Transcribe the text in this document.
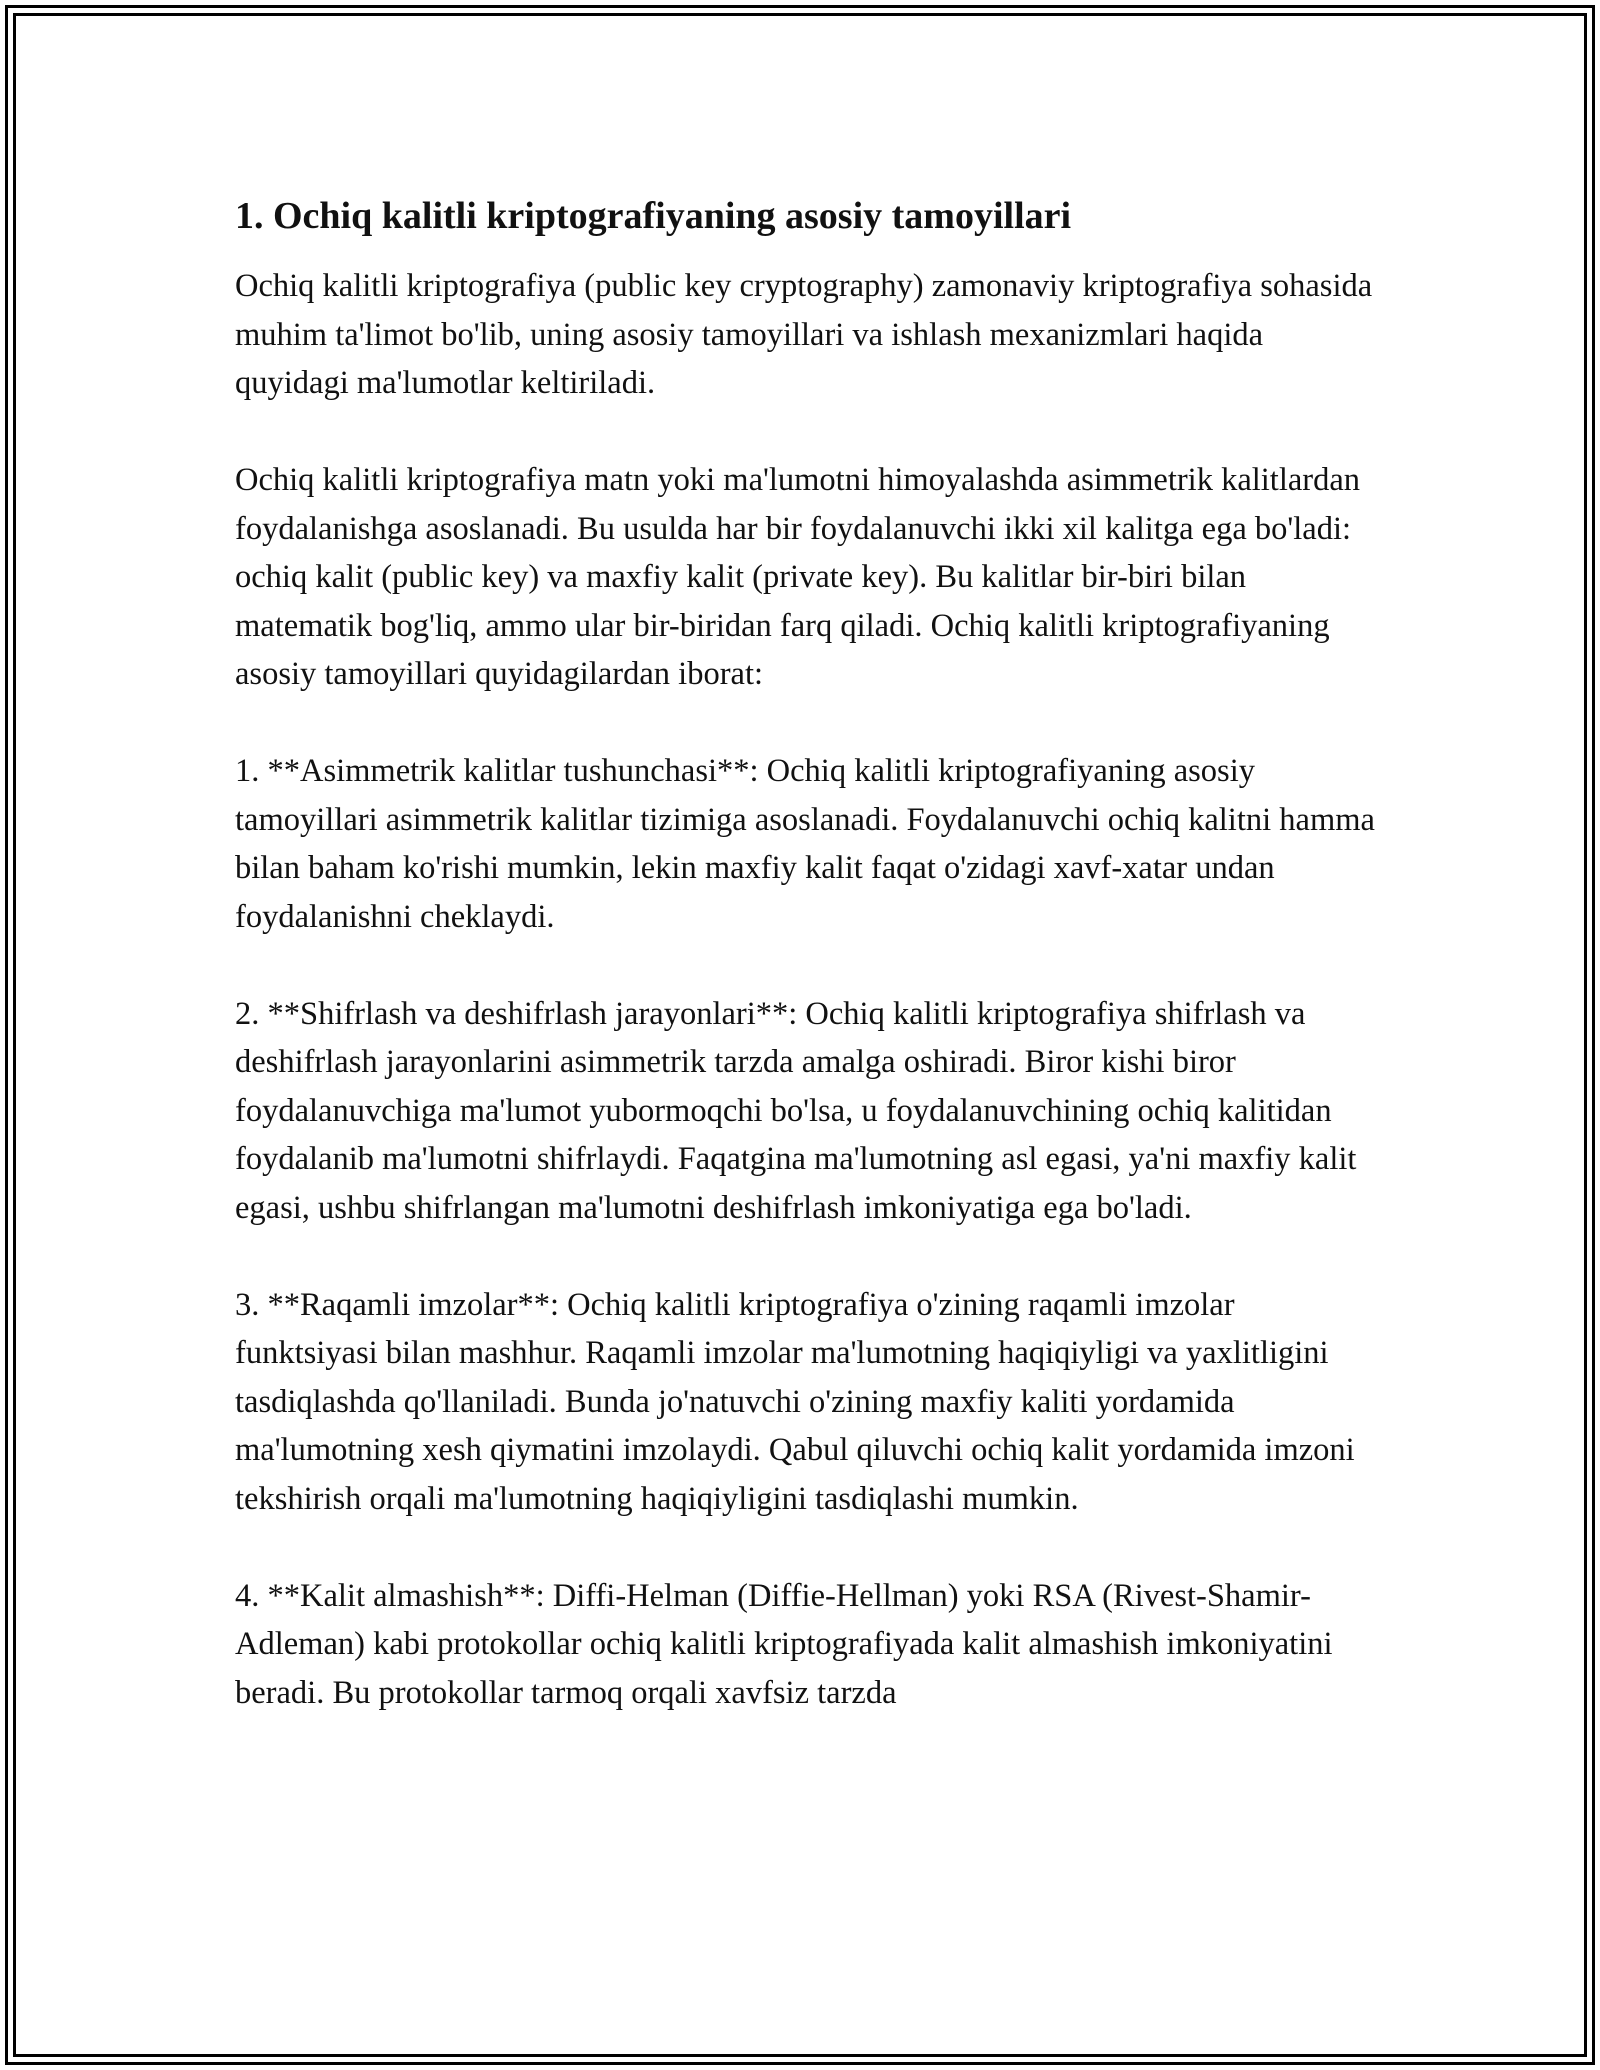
1. Ochiq kalitli kriptografiyaning asosiy tamoyillari

Ochiq kalitli kriptografiya (public key cryptography) zamonaviy kriptografiya sohasida muhim ta'limot bo'lib, uning asosiy tamoyillari va ishlash mexanizmlari haqida quyidagi ma'lumotlar keltiriladi.

Ochiq kalitli kriptografiya matn yoki ma'lumotni himoyalashda asimmetrik kalitlardan foydalanishga asoslanadi. Bu usulda har bir foydalanuvchi ikki xil kalitga ega bo'ladi: ochiq kalit (public key) va maxfiy kalit (private key). Bu kalitlar bir-biri bilan matematik bog'liq, ammo ular bir-biridan farq qiladi. Ochiq kalitli kriptografiyaning asosiy tamoyillari quyidagilardan iborat:

1. **Asimmetrik kalitlar tushunchasi**: Ochiq kalitli kriptografiyaning asosiy tamoyillari asimmetrik kalitlar tizimiga asoslanadi. Foydalanuvchi ochiq kalitni hamma bilan baham ko'rishi mumkin, lekin maxfiy kalit faqat o'zidagi xavf-xatar undan foydalanishni cheklaydi.

2. **Shifrlash va deshifrlash jarayonlari**: Ochiq kalitli kriptografiya shifrlash va deshifrlash jarayonlarini asimmetrik tarzda amalga oshiradi. Biror kishi biror foydalanuvchiga ma'lumot yubormoqchi bo'lsa, u foydalanuvchining ochiq kalitidan foydalanib ma'lumotni shifrlaydi. Faqatgina ma'lumotning asl egasi, ya'ni maxfiy kalit egasi, ushbu shifrlangan ma'lumotni deshifrlash imkoniyatiga ega bo'ladi.

3. **Raqamli imzolar**: Ochiq kalitli kriptografiya o'zining raqamli imzolar funktsiyasi bilan mashhur. Raqamli imzolar ma'lumotning haqiqiyligi va yaxlitligini tasdiqlashda qo'llaniladi. Bunda jo'natuvchi o'zining maxfiy kaliti yordamida ma'lumotning xesh qiymatini imzolaydi. Qabul qiluvchi ochiq kalit yordamida imzoni tekshirish orqali ma'lumotning haqiqiyligini tasdiqlashi mumkin.

4. **Kalit almashish**: Diffi-Helman (Diffie-Hellman) yoki RSA (Rivest-Shamir-Adleman) kabi protokollar ochiq kalitli kriptografiyada kalit almashish imkoniyatini beradi. Bu protokollar tarmoq orqali xavfsiz tarzda
